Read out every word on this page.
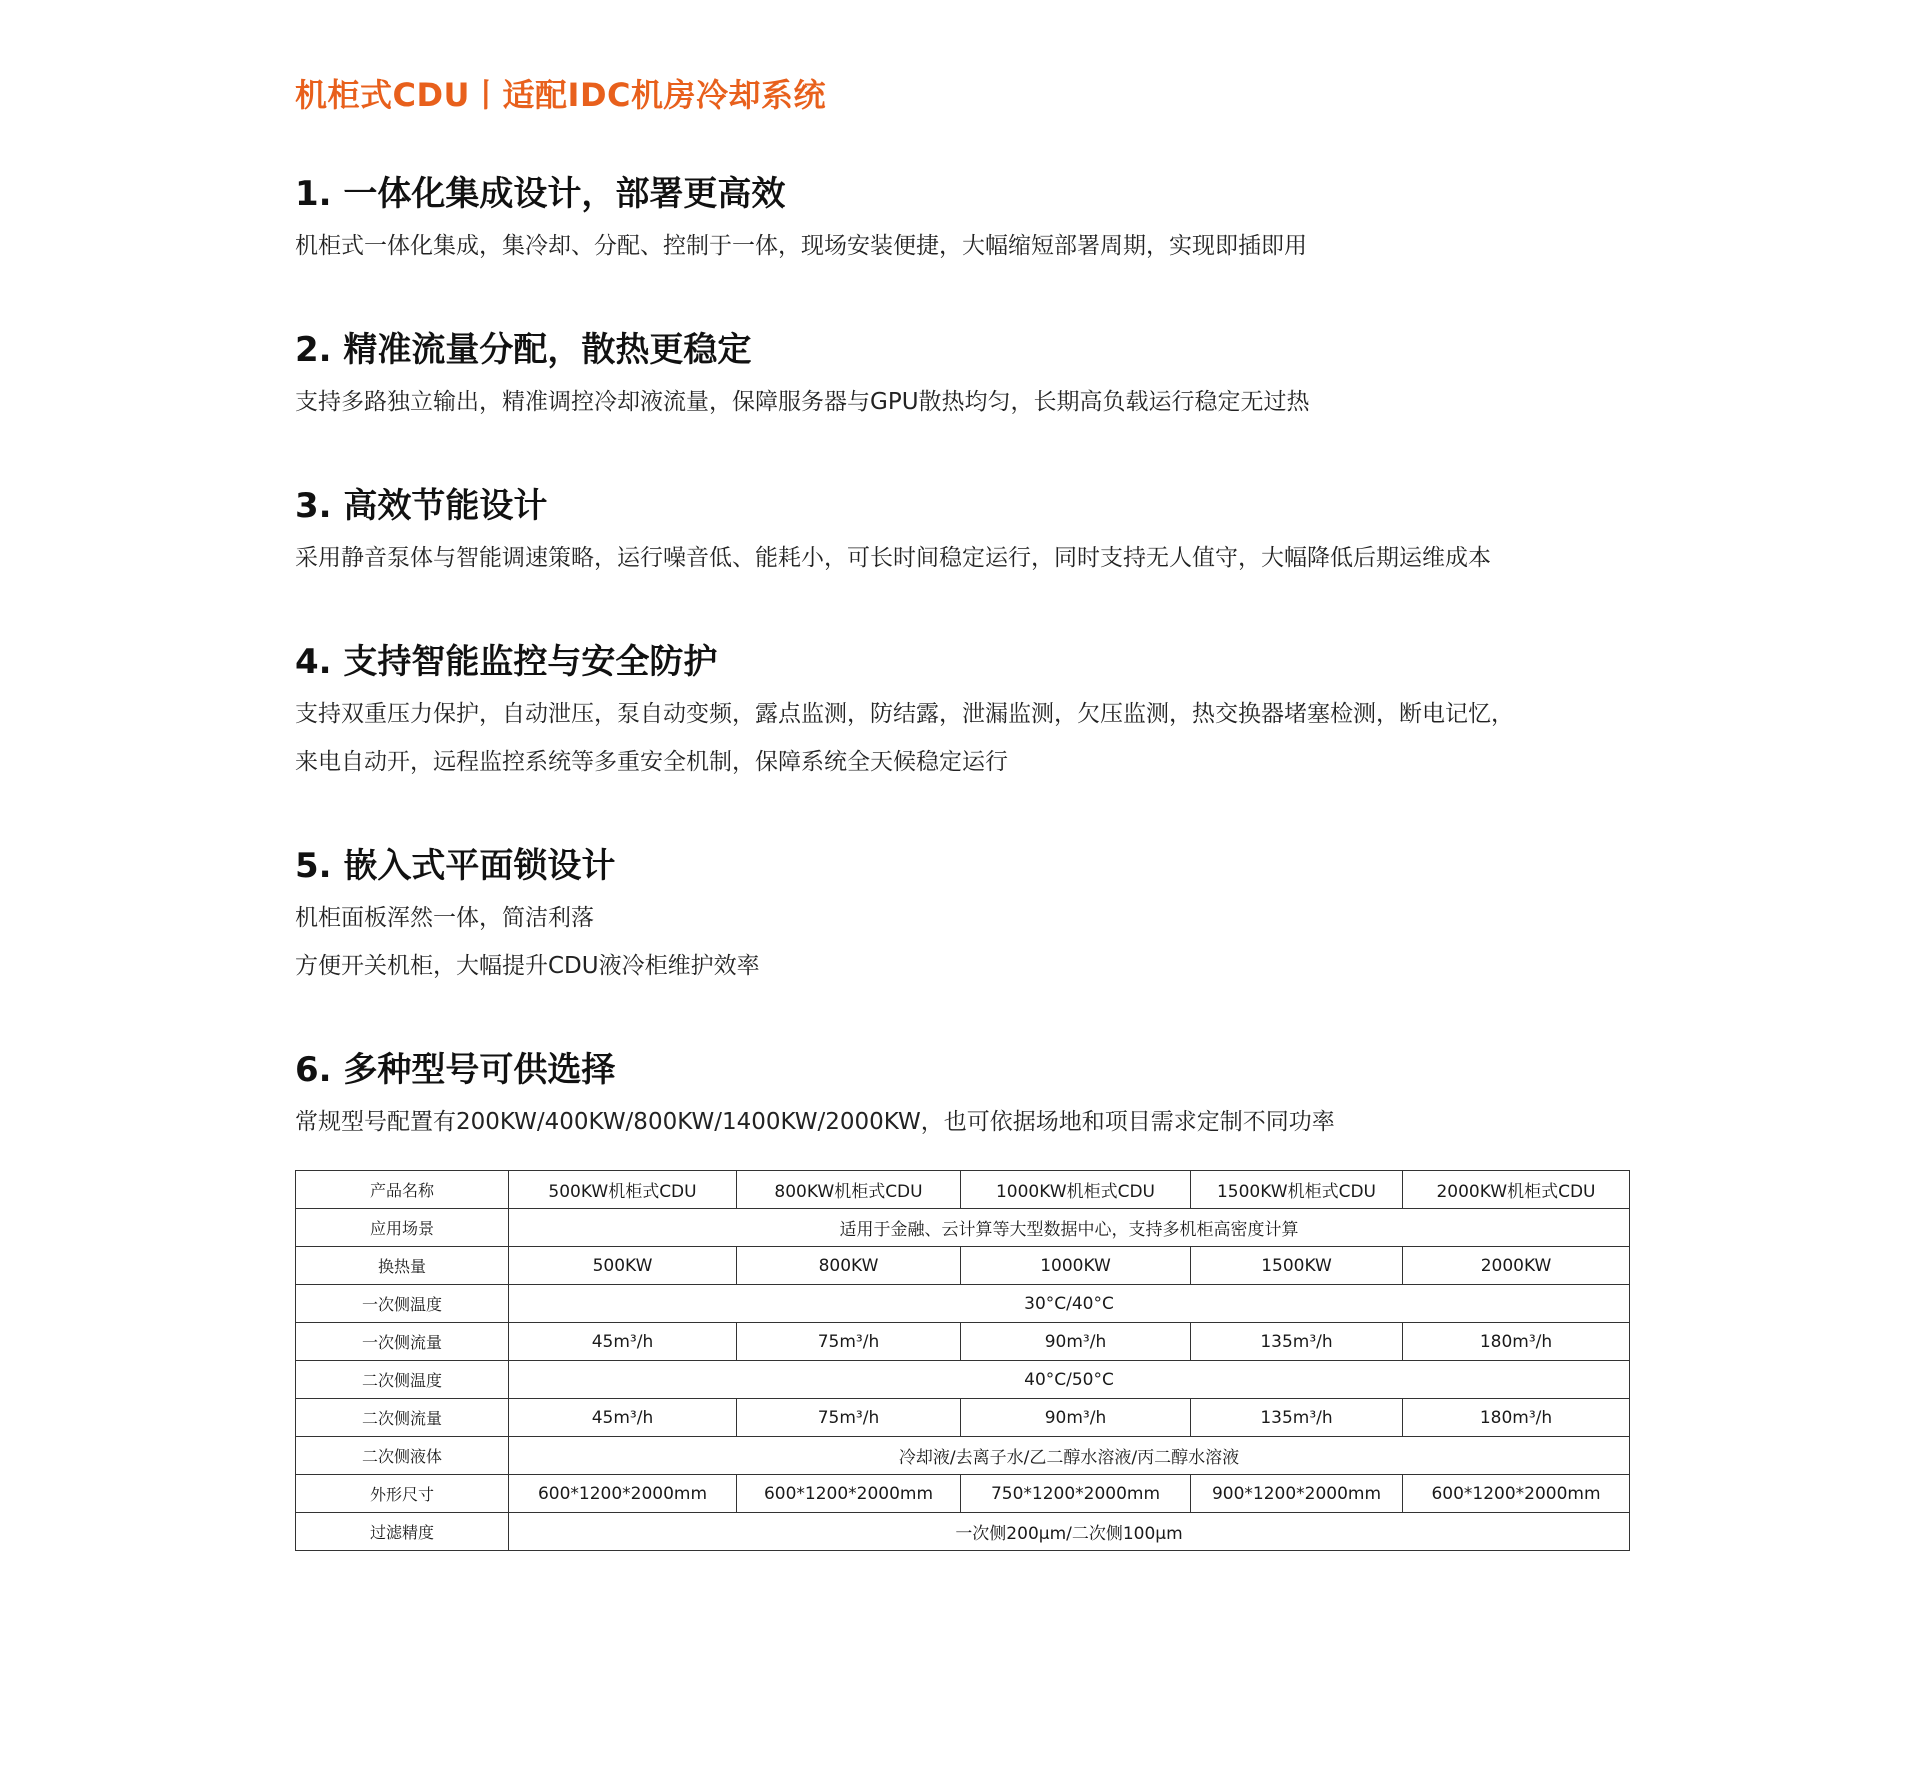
机柜式CDU丨适配IDC机房冷却系统
1. 一体化集成设计，部署更高效

机柜式一体化集成，集冷却、分配、控制于一体，现场安装便捷，大幅缩短部署周期，实现即插即用

2. 精准流量分配，散热更稳定

支持多路独立输出，精准调控冷却液流量，保障服务器与GPU散热均匀，长期高负载运行稳定无过热

3. 高效节能设计

采用静音泵体与智能调速策略，运行噪音低、能耗小，可长时间稳定运行，同时支持无人值守，大幅降低后期运维成本

4. 支持智能监控与安全防护

支持双重压力保护，自动泄压，泵自动变频，露点监测，防结露，泄漏监测，欠压监测，热交换器堵塞检测，断电记忆，

来电自动开，远程监控系统等多重安全机制，保障系统全天候稳定运行

5. 嵌入式平面锁设计

机柜面板浑然一体，简洁利落

方便开关机柜，大幅提升CDU液冷柜维护效率

6. 多种型号可供选择

常规型号配置有200KW/400KW/800KW/1400KW/2000KW，也可依据场地和项目需求定制不同功率

产品名称	500KW机柜式CDU	800KW机柜式CDU	1000KW机柜式CDU	1500KW机柜式CDU	2000KW机柜式CDU
应用场景	适用于金融、云计算等大型数据中心，支持多机柜高密度计算				
换热量	500KW	800KW	1000KW	1500KW	2000KW
一次侧温度	30°C/40°C				
一次侧流量	45m³/h	75m³/h	90m³/h	135m³/h	180m³/h
二次侧温度	40°C/50°C				
二次侧流量	45m³/h	75m³/h	90m³/h	135m³/h	180m³/h
二次侧液体	冷却液/去离子水/乙二醇水溶液/丙二醇水溶液				
外形尺寸	600*1200*2000mm	600*1200*2000mm	750*1200*2000mm	900*1200*2000mm	600*1200*2000mm
过滤精度	一次侧200μm/二次侧100μm				
